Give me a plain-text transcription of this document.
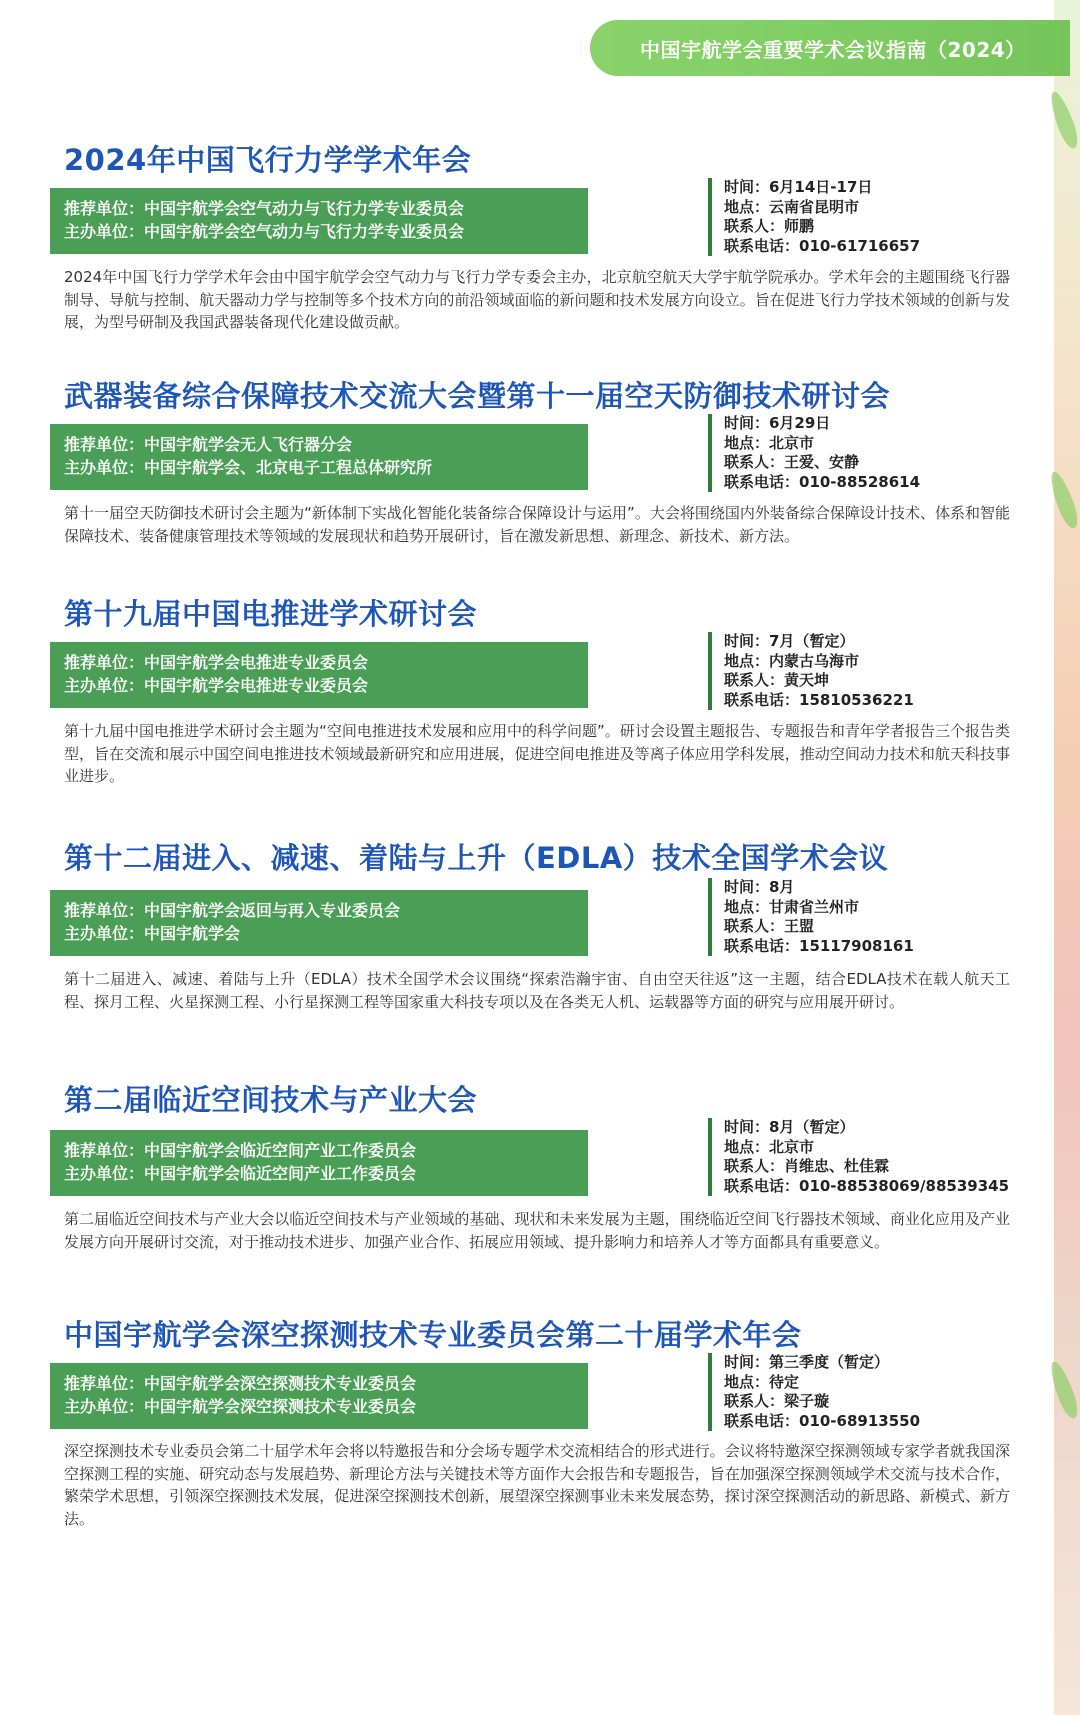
中国宇航学会重要学术会议指南（2024）
2024年中国飞行力学学术年会
推荐单位：中国宇航学会空气动力与飞行力学专业委员会
主办单位：中国宇航学会空气动力与飞行力学专业委员会
时间：6月14日-17日
地点：云南省昆明市
联系人：师鹏
联系电话：010-61716657
2024年中国飞行力学学术年会由中国宇航学会空气动力与飞行力学专委会主办，北京航空航天大学宇航学院承办。学术年会的主题围绕飞行器制导、导航与控制、航天器动力学与控制等多个技术方向的前沿领域面临的新问题和技术发展方向设立。旨在促进飞行力学技术领域的创新与发展，为型号研制及我国武器装备现代化建设做贡献。
武器装备综合保障技术交流大会暨第十一届空天防御技术研讨会
推荐单位：中国宇航学会无人飞行器分会
主办单位：中国宇航学会、北京电子工程总体研究所
时间：6月29日
地点：北京市
联系人：王爱、安静
联系电话：010-88528614
第十一届空天防御技术研讨会主题为“新体制下实战化智能化装备综合保障设计与运用”。大会将围绕国内外装备综合保障设计技术、体系和智能保障技术、装备健康管理技术等领域的发展现状和趋势开展研讨，旨在激发新思想、新理念、新技术、新方法。
第十九届中国电推进学术研讨会
推荐单位：中国宇航学会电推进专业委员会
主办单位：中国宇航学会电推进专业委员会
时间：7月（暂定）
地点：内蒙古乌海市
联系人：黄天坤
联系电话：15810536221
第十九届中国电推进学术研讨会主题为“空间电推进技术发展和应用中的科学问题”。研讨会设置主题报告、专题报告和青年学者报告三个报告类型，旨在交流和展示中国空间电推进技术领域最新研究和应用进展，促进空间电推进及等离子体应用学科发展，推动空间动力技术和航天科技事业进步。
第十二届进入、减速、着陆与上升（EDLA）技术全国学术会议
推荐单位：中国宇航学会返回与再入专业委员会
主办单位：中国宇航学会
时间：8月
地点：甘肃省兰州市
联系人：王盟
联系电话：15117908161
第十二届进入、减速、着陆与上升（EDLA）技术全国学术会议围绕“探索浩瀚宇宙、自由空天往返”这一主题，结合EDLA技术在载人航天工程、探月工程、火星探测工程、小行星探测工程等国家重大科技专项以及在各类无人机、运载器等方面的研究与应用展开研讨。
第二届临近空间技术与产业大会
推荐单位：中国宇航学会临近空间产业工作委员会
主办单位：中国宇航学会临近空间产业工作委员会
时间：8月（暂定）
地点：北京市
联系人：肖维忠、杜佳霖
联系电话：010-88538069/88539345
第二届临近空间技术与产业大会以临近空间技术与产业领域的基础、现状和未来发展为主题，围绕临近空间飞行器技术领域、商业化应用及产业发展方向开展研讨交流，对于推动技术进步、加强产业合作、拓展应用领域、提升影响力和培养人才等方面都具有重要意义。
中国宇航学会深空探测技术专业委员会第二十届学术年会
推荐单位：中国宇航学会深空探测技术专业委员会
主办单位：中国宇航学会深空探测技术专业委员会
时间：第三季度（暂定）
地点：待定
联系人：梁子璇
联系电话：010-68913550
深空探测技术专业委员会第二十届学术年会将以特邀报告和分会场专题学术交流相结合的形式进行。会议将特邀深空探测领域专家学者就我国深空探测工程的实施、研究动态与发展趋势、新理论方法与关键技术等方面作大会报告和专题报告，旨在加强深空探测领域学术交流与技术合作，繁荣学术思想，引领深空探测技术发展，促进深空探测技术创新，展望深空探测事业未来发展态势，探讨深空探测活动的新思路、新模式、新方法。
